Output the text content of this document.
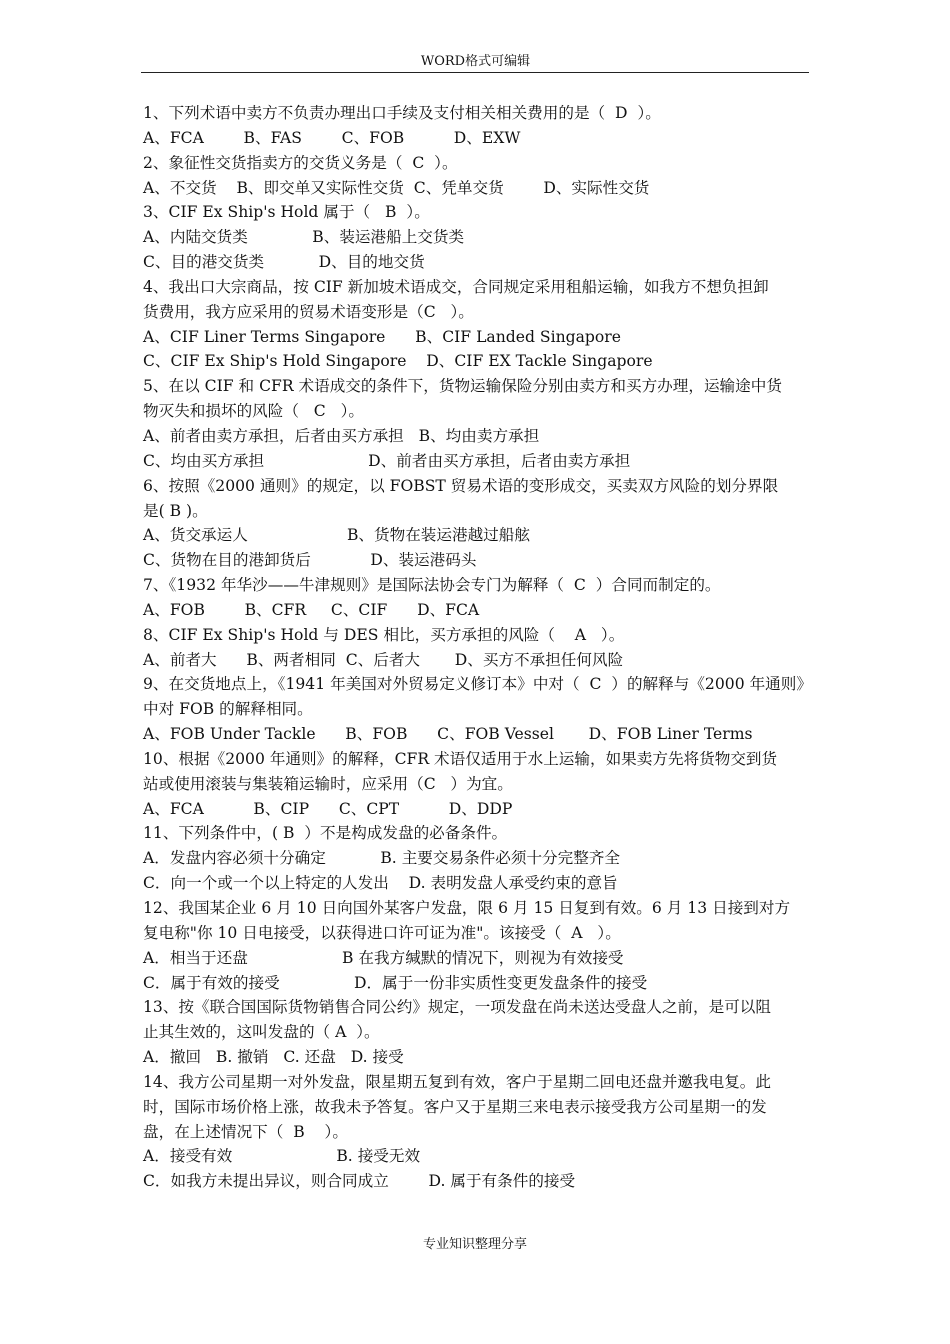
WORD格式可编辑
1、下列术语中卖方不负责办理出口手续及支付相关相关费用的是（  D  ）。
A、FCA        B、FAS        C、FOB          D、EXW
2、象征性交货指卖方的交货义务是（  C  ）。
A、不交货    B、即交单又实际性交货  C、凭单交货        D、实际性交货
3、CIF Ex Ship's Hold 属于（   B  ）。
A、内陆交货类             B、装运港船上交货类
C、目的港交货类           D、目的地交货
4、我出口大宗商品，按 CIF 新加坡术语成交，合同规定采用租船运输，如我方不想负担卸
货费用，我方应采用的贸易术语变形是（C   ）。
A、CIF Liner Terms Singapore      B、CIF Landed Singapore
C、CIF Ex Ship's Hold Singapore    D、CIF EX Tackle Singapore
5、在以 CIF 和 CFR 术语成交的条件下，货物运输保险分别由卖方和买方办理，运输途中货
物灭失和损坏的风险（   C   ）。
A、前者由卖方承担，后者由买方承担   B、均由卖方承担
C、均由买方承担                     D、前者由买方承担，后者由卖方承担
6、按照《2000 通则》的规定，以 FOBST 贸易术语的变形成交，买卖双方风险的划分界限
是( B )。
A、货交承运人                    B、货物在装运港越过船舷
C、货物在目的港卸货后            D、装运港码头
7、《1932 年华沙——牛津规则》是国际法协会专门为解释（  C  ）合同而制定的。
A、FOB        B、CFR     C、CIF      D、FCA
8、CIF Ex Ship's Hold 与 DES 相比，买方承担的风险（    A   ）。
A、前者大      B、两者相同  C、后者大       D、买方不承担任何风险
9、在交货地点上，《1941 年美国对外贸易定义修订本》中对（  C  ）的解释与《2000 年通则》
中对 FOB 的解释相同。
A、FOB Under Tackle      B、FOB      C、FOB Vessel       D、FOB Liner Terms
10、根据《2000 年通则》的解释，CFR 术语仅适用于水上运输，如果卖方先将货物交到货
站或使用滚装与集装箱运输时，应采用（C   ）为宜。
A、FCA          B、CIP      C、CPT          D、DDP
11、下列条件中，( B  ）不是构成发盘的必备条件。
A．发盘内容必须十分确定           B. 主要交易条件必须十分完整齐全
C．向一个或一个以上特定的人发出    D. 表明发盘人承受约束的意旨
12、我国某企业 6 月 10 日向国外某客户发盘，限 6 月 15 日复到有效。6 月 13 日接到对方
复电称"你 10 日电接受，以获得进口许可证为准"。该接受（  A   ）。
A．相当于还盘                   B 在我方缄默的情况下，则视为有效接受
C．属于有效的接受               D．属于一份非实质性变更发盘条件的接受
13、按《联合国国际货物销售合同公约》规定，一项发盘在尚未送达受盘人之前，是可以阻
止其生效的，这叫发盘的（ A  ）。
A．撤回   B. 撤销   C. 还盘   D. 接受
14、我方公司星期一对外发盘，限星期五复到有效，客户于星期二回电还盘并邀我电复。此
时，国际市场价格上涨，故我未予答复。客户又于星期三来电表示接受我方公司星期一的发
盘，在上述情况下（  B    ）。
A．接受有效                     B. 接受无效
C．如我方未提出异议，则合同成立        D. 属于有条件的接受
专业知识整理分享
